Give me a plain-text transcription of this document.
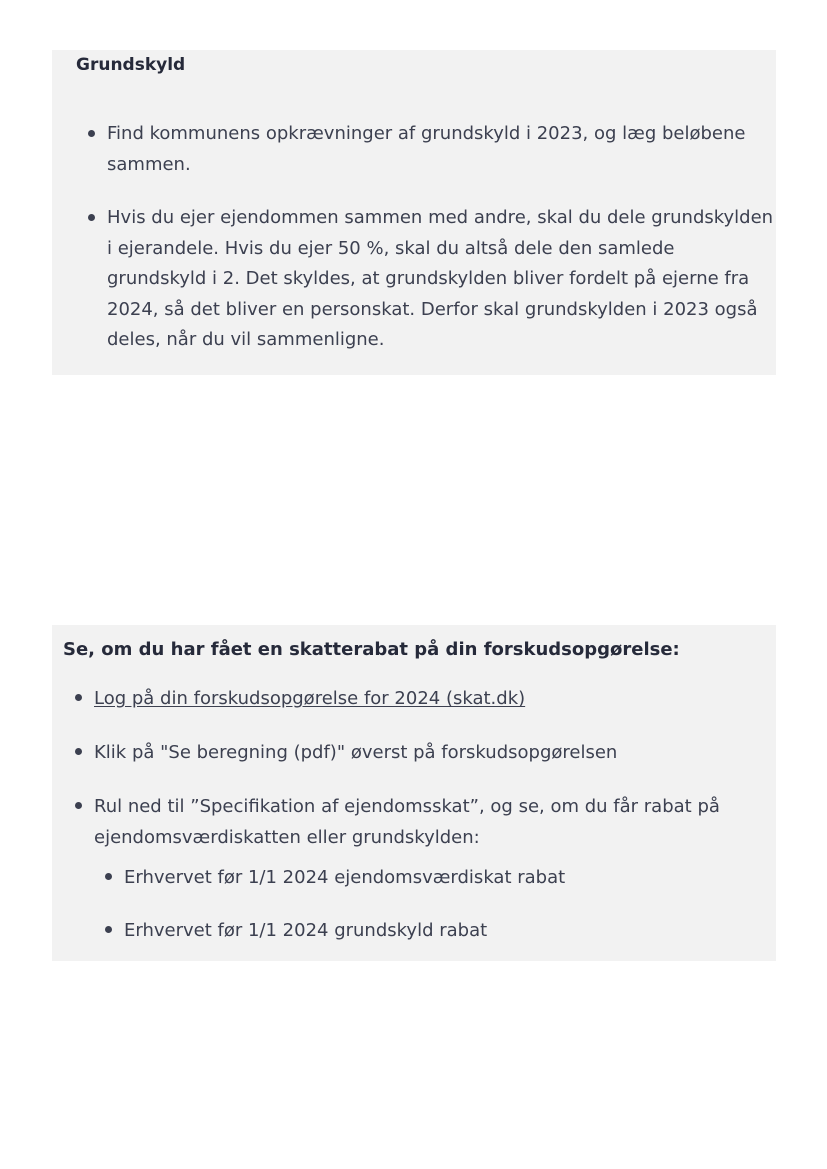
Grundskyld
Find kommunens opkrævninger af grundskyld i 2023, og læg beløbene sammen.
Hvis du ejer ejendommen sammen med andre, skal du dele grundskylden i ejerandele. Hvis du ejer 50 %, skal du altså dele den samlede grundskyld i 2. Det skyldes, at grundskylden bliver fordelt på ejerne fra 2024, så det bliver en personskat. Derfor skal grundskylden i 2023 også deles, når du vil sammenligne.
Se, om du har fået en skatterabat på din forskudsopgørelse:
Log på din forskudsopgørelse for 2024 (skat.dk)
Klik på "Se beregning (pdf)" øverst på forskudsopgørelsen
Rul ned til ”Specifikation af ejendomsskat”, og se, om du får rabat på ejendomsværdiskatten eller grundskylden:
Erhvervet før 1/1 2024 ejendomsværdiskat rabat
Erhvervet før 1/1 2024 grundskyld rabat
